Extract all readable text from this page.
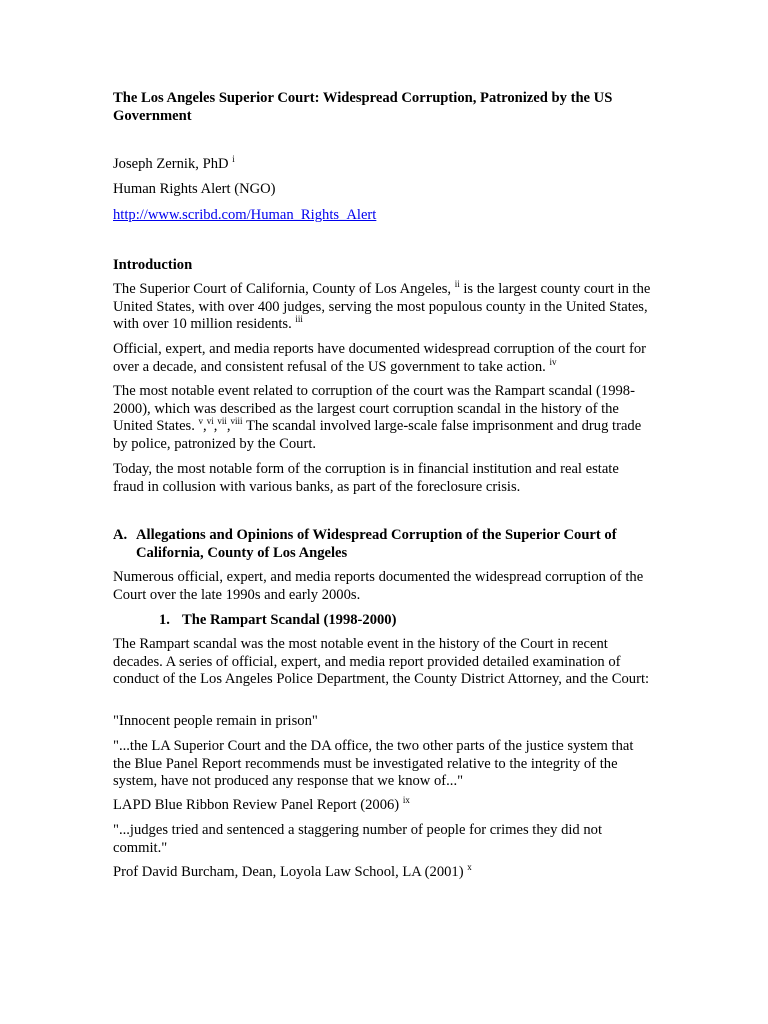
The Los Angeles Superior Court: Widespread Corruption, Patronized by the US Government

Joseph Zernik, PhD $^i$

Human Rights Alert (NGO)

http://www.scribd.com/Human_Rights_Alert

Introduction

The Superior Court of California, County of Los Angeles, $^{ii}$ is the largest county court in the United States, with over 400 judges, serving the most populous county in the United States, with over 10 million residents. $^{iii}$

Official, expert, and media reports have documented widespread corruption of the court for over a decade, and consistent refusal of the US government to take action. $^{iv}$

The most notable event related to corruption of the court was the Rampart scandal (1998-2000), which was described as the largest court corruption scandal in the history of the United States. $^v$,$^{vi}$,$^{vii}$,$^{viii}$ The scandal involved large-scale false imprisonment and drug trade by police, patronized by the Court.

Today, the most notable form of the corruption is in financial institution and real estate fraud in collusion with various banks, as part of the foreclosure crisis.

A. Allegations and Opinions of Widespread Corruption of the Superior Court of California, County of Los Angeles

Numerous official, expert, and media reports documented the widespread corruption of the Court over the late 1990s and early 2000s.

1. The Rampart Scandal (1998-2000)

The Rampart scandal was the most notable event in the history of the Court in recent decades. A series of official, expert, and media report provided detailed examination of conduct of the Los Angeles Police Department, the County District Attorney, and the Court:

"Innocent people remain in prison"

"...the LA Superior Court and the DA office, the two other parts of the justice system that the Blue Panel Report recommends must be investigated relative to the integrity of the system, have not produced any response that we know of..."

LAPD Blue Ribbon Review Panel Report (2006) $^{ix}$

"...judges tried and sentenced a staggering number of people for crimes they did not commit."

Prof David Burcham, Dean, Loyola Law School, LA (2001) $^x$
